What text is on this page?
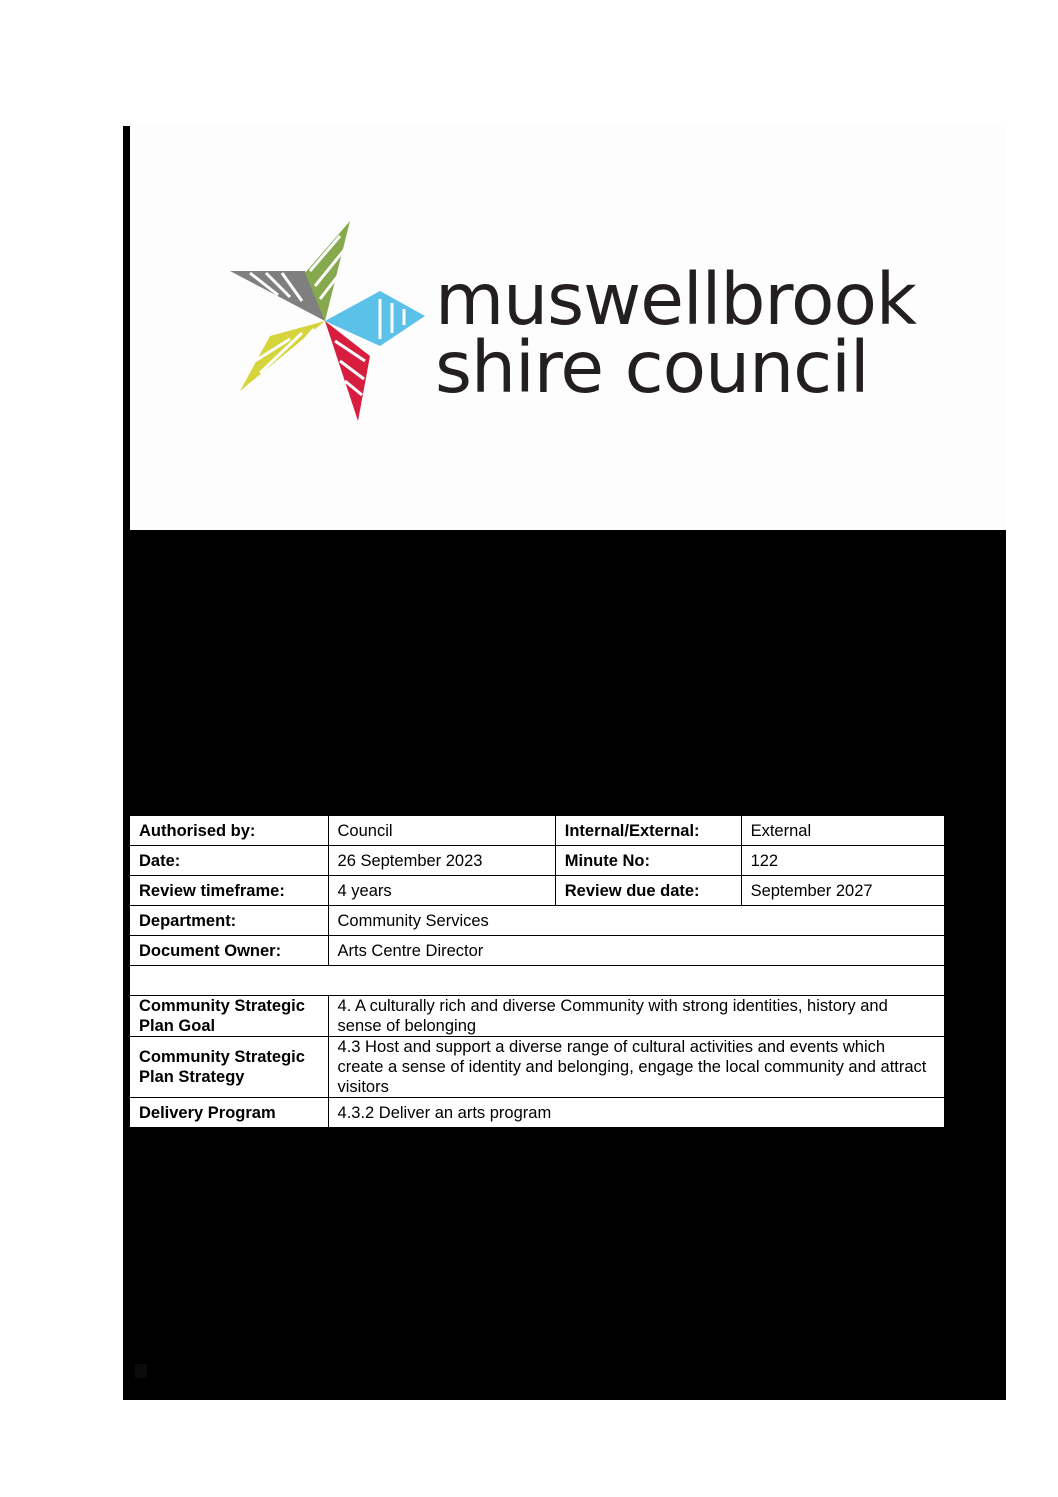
muswellbrook
shire council
Authorised by:	Council	Internal/External:	External
Date:	26 September 2023	Minute No:	122
Review timeframe:	4 years	Review due date:	September 2027
Department:	Community Services		
Document Owner:	Arts Centre Director		

Community Strategic Plan Goal	4. A culturally rich and diverse Community with strong identities, history and sense of belonging		
Community Strategic Plan Strategy	4.3 Host and support a diverse range of cultural activities and events which create a sense of identity and belonging, engage the local community and attract visitors		
Delivery Program	4.3.2 Deliver an arts program		
